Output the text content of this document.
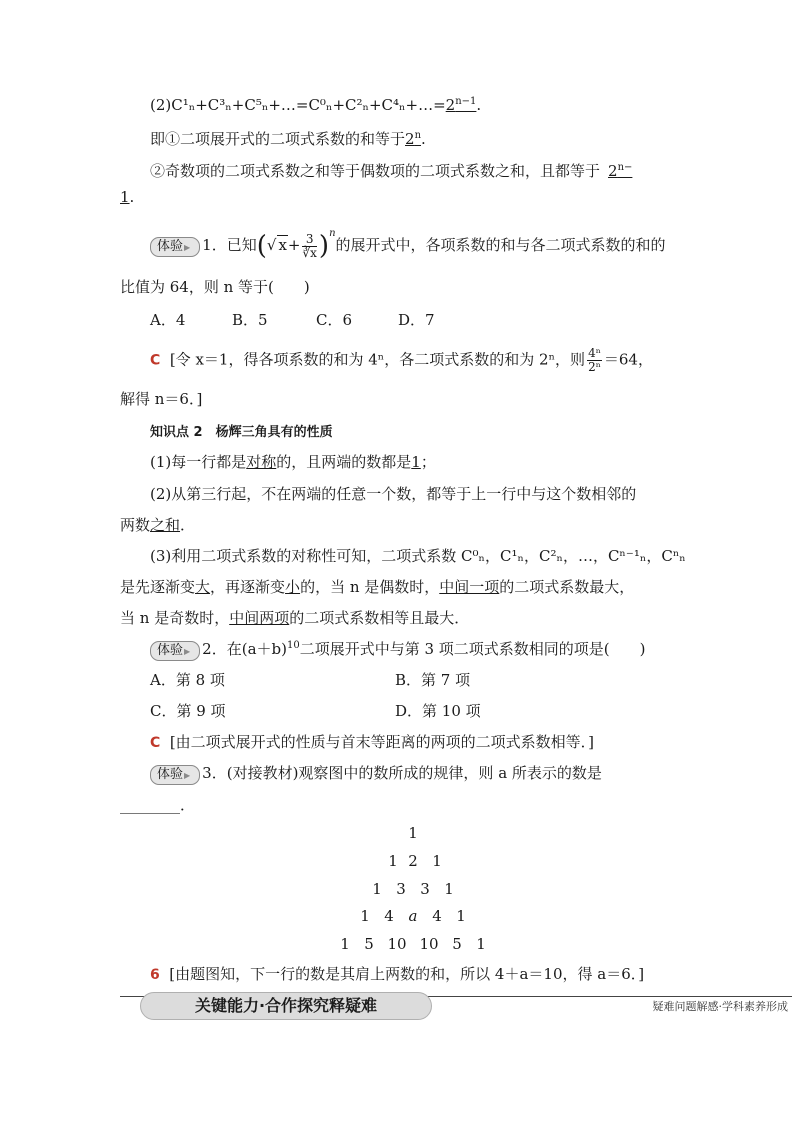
$(2)C^1_n+C^3_n+C^5_n+\dots=C^0_n+C^2_n+C^4_n+\dots=2^{n-1}$.
即①二项展开式的二项式系数的和等于2$^n$.
②奇数项的二项式系数之和等于偶数项的二项式系数之和，且都等于 $2^{n-}$
1.
体验 ▶ 1．已知(√ $x+ \frac{3}{∛x} )^n$的展开式中，各项系数的和与各二项式系数的和的
比值为 64，则 n 等于(　　)
A．4	B．5	C．6	D．7
C [令 x＝1，得各项系数的和为 4ⁿ，各二项式系数的和为 2ⁿ，则 $\frac{\text{4ⁿ}}{\text{2ⁿ}} =64$，
解得 n＝6．]
知识点 2　杨辉三角具有的性质
(1)每一行都是对称的，且两端的数都是1；
(2)从第三行起，不在两端的任意一个数，都等于上一行中与这个数相邻的
两数之和．
(3)利用二项式系数的对称性可知，二项式系数 C⁰ₙ，C¹ₙ，C²ₙ，…，Cⁿ⁻¹ₙ，Cⁿₙ
是先逐渐变大，再逐渐变小的，当 n 是偶数时，中间一项的二项式系数最大，
当 n 是奇数时，中间两项的二项式系数相等且最大．
体验 ▶ 2．在$(a+b)^{10}$二项展开式中与第 3 项二项式系数相同的项是(　　)
A．第 8 项	B．第 7 项
C．第 9 项	D．第 10 项
C [由二项式展开式的性质与首末等距离的两项的二项式系数相等．]
体验 ▶ 3．(对接教材)观察图中的数所成的规律，则 a 所表示的数是
________．
1
1 2 1
1 3 3 1
1 4 a 4 1
1 5 10 10 5 1
6 [由题图知，下一行的数是其肩上两数的和，所以 4＋a＝10，得 a＝6．]
关键能力·合作探究释疑难	疑难问题解感·学科素养形成
